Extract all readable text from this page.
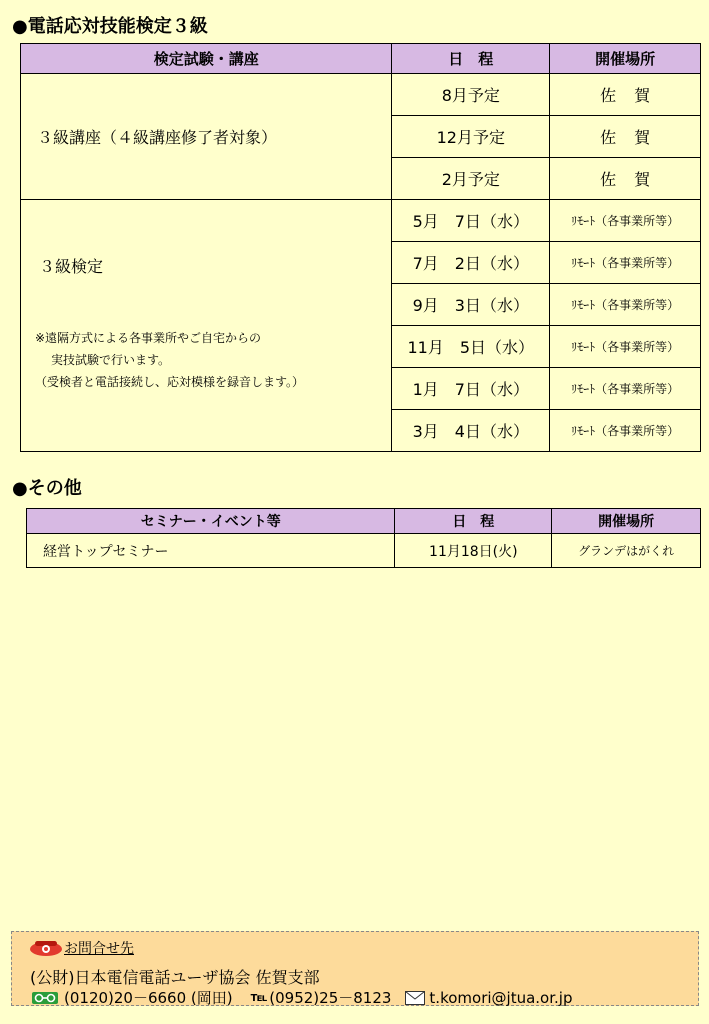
●電話応対技能検定３級
検定試験・講座	日　程	開催場所
３級講座（４級講座修了者対象）	8月予定	佐賀
	12月予定	佐賀
	2月予定	佐賀

３級検定
※遠隔方式による各事業所やご自宅からの
実技試験で行います。
（受検者と電話接続し、応対模様を録音します。）	5月　7日（水）	ﾘﾓｰﾄ（各事業所等）
	7月　2日（水）	ﾘﾓｰﾄ（各事業所等）
	9月　3日（水）	ﾘﾓｰﾄ（各事業所等）
	11月　5日（水）	ﾘﾓｰﾄ（各事業所等）
	1月　7日（水）	ﾘﾓｰﾄ（各事業所等）
	3月　4日（水）	ﾘﾓｰﾄ（各事業所等）
●その他
セミナー・イベント等	日　程	開催場所
経営トップセミナー	11月18日(火)	グランデはがくれ
お問合せ先
(公財)日本電信電話ユーザ協会 佐賀支部
(0120)20－6660 (岡田) ℡ (0952)25－8123	t.komori@jtua.or.jp
